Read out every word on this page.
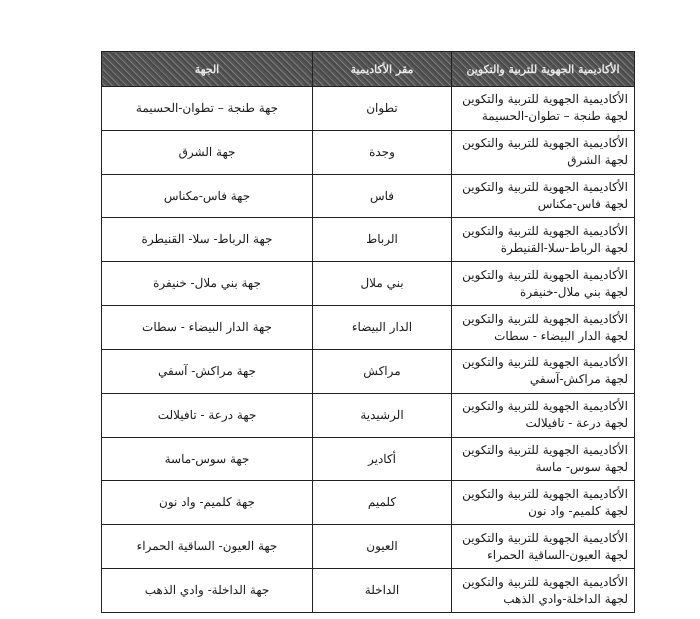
الأكاديمية الجهوية للتربية والتكوين	مقر الأكاديمية	الجهة
الأكاديمية الجهوية للتربية والتكوين لجهة طنجة – تطوان-الحسيمة	تطوان	جهة طنجة – تطوان-الحسيمة
الأكاديمية الجهوية للتربية والتكوين لجهة الشرق	وجدة	جهة الشرق
الأكاديمية الجهوية للتربية والتكوين لجهة فاس-مكناس	فاس	جهة فاس-مكناس
الأكاديمية الجهوية للتربية والتكوين لجهة الرباط-سلا-القنيطرة	الرباط	جهة الرباط- سلا- القنيطرة
الأكاديمية الجهوية للتربية والتكوين لجهة بني ملال-خنيفرة	بني ملال	جهة بني ملال- خنيفرة
الأكاديمية الجهوية للتربية والتكوين لجهة الدار البيضاء - سطات	الدار البيضاء	جهة الدار البيضاء - سطات
الأكاديمية الجهوية للتربية والتكوين لجهة مراكش-آسفي	مراكش	جهة مراكش- آسفي
الأكاديمية الجهوية للتربية والتكوين لجهة درعة - تافيلالت	الرشيدية	جهة درعة - تافيلالت
الأكاديمية الجهوية للتربية والتكوين لجهة سوس- ماسة	أكادير	جهة سوس-ماسة
الأكاديمية الجهوية للتربية والتكوين لجهة كلميم- واد نون	كلميم	جهة كلميم- واد نون
الأكاديمية الجهوية للتربية والتكوين لجهة العيون-الساقية الحمراء	العيون	جهة العيون- الساقية الحمراء
الأكاديمية الجهوية للتربية والتكوين لجهة الداخلة-وادي الذهب	الداخلة	جهة الداخلة- وادي الذهب
